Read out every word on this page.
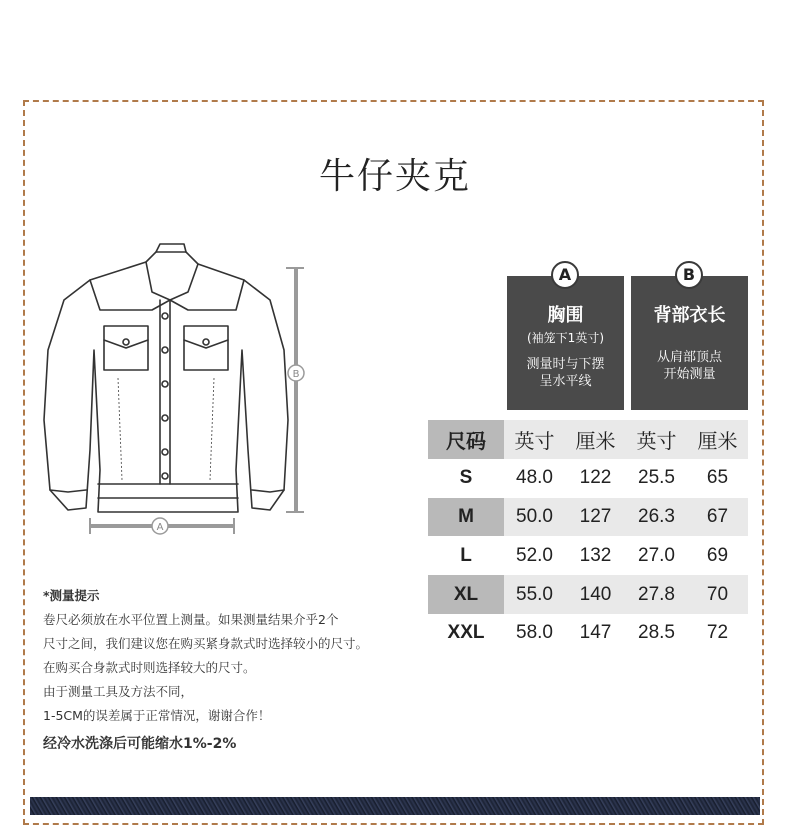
牛仔夹克
B
A
A
胸围
(袖笼下1英寸)
测量时与下摆
呈水平线
B
背部衣长
从肩部顶点
开始测量
尺码	英寸	厘米	英寸	厘米
S	48.0	122	25.5	65
M	50.0	127	26.3	67
L	52.0	132	27.0	69
XL	55.0	140	27.8	70
XXL	58.0	147	28.5	72
*测量提示
卷尺必须放在水平位置上测量。如果测量结果介乎2个
尺寸之间，我们建议您在购买紧身款式时选择较小的尺寸。
在购买合身款式时则选择较大的尺寸。
由于测量工具及方法不同，
1-5CM的误差属于正常情况，谢谢合作！
经冷水洗涤后可能缩水1%-2%
